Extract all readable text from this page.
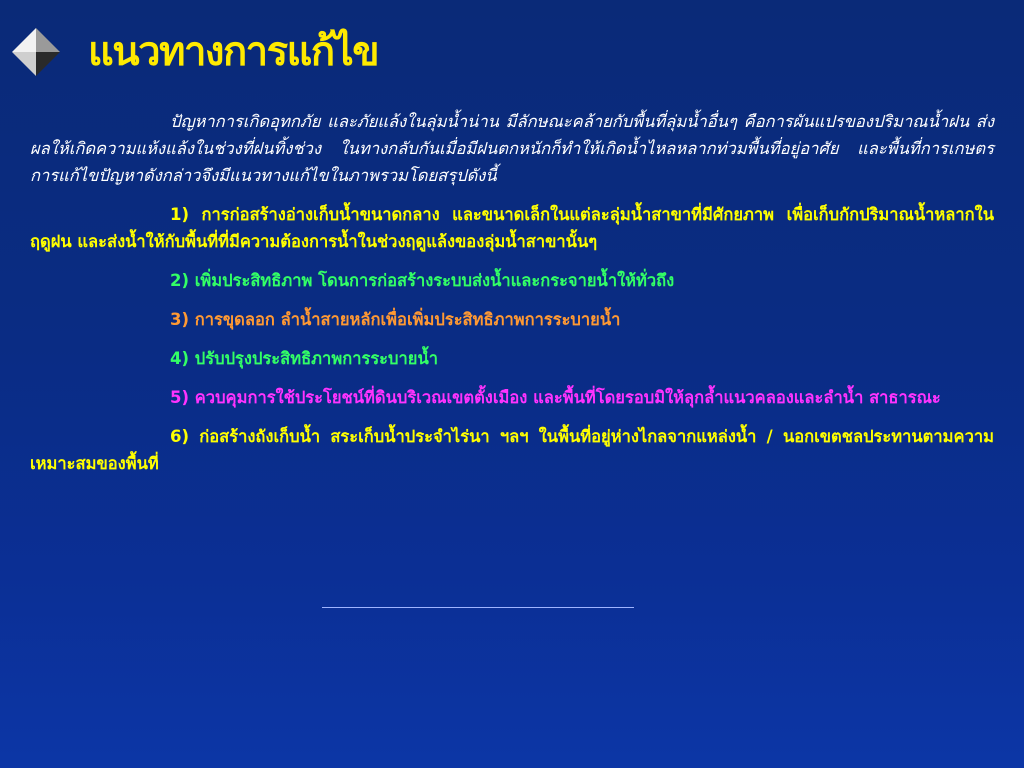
แนวทางการแก้ไข

ปัญหาการเกิดอุทกภัย และภัยแล้งในลุ่มน้ำน่าน มีลักษณะคล้ายกับพื้นที่ลุ่มน้ำอื่นๆ คือการผันแปรของปริมาณน้ำฝน ส่งผลให้เกิดความแห้งแล้งในช่วงที่ฝนทิ้งช่วง ในทางกลับกันเมื่อมีฝนตกหนักก็ทำให้เกิดน้ำไหลหลากท่วมพื้นที่อยู่อาศัย และพื้นที่การเกษตร การแก้ไขปัญหาดังกล่าวจึงมีแนวทางแก้ไขในภาพรวมโดยสรุปดังนี้

1) การก่อสร้างอ่างเก็บน้ำขนาดกลาง และขนาดเล็กในแต่ละลุ่มน้ำสาขาที่มีศักยภาพ เพื่อเก็บกักปริมาณน้ำหลากในฤดูฝน และส่งน้ำให้กับพื้นที่ที่มีความต้องการน้ำในช่วงฤดูแล้งของลุ่มน้ำสาขานั้นๆ

2) เพิ่มประสิทธิภาพ โดนการก่อสร้างระบบส่งน้ำและกระจายน้ำให้ทั่วถึง

3) การขุดลอก ลำน้ำสายหลักเพื่อเพิ่มประสิทธิภาพการระบายน้ำ

4) ปรับปรุงประสิทธิภาพการระบายน้ำ

5) ควบคุมการใช้ประโยชน์ที่ดินบริเวณเขตตั้งเมือง และพื้นที่โดยรอบมิให้ลุกล้ำแนวคลองและลำน้ำ สาธารณะ

6) ก่อสร้างถังเก็บน้ำ สระเก็บน้ำประจำไร่นา ฯลฯ ในพื้นที่อยู่ห่างไกลจากแหล่งน้ำ / นอกเขตชลประทานตามความเหมาะสมของพื้นที่
